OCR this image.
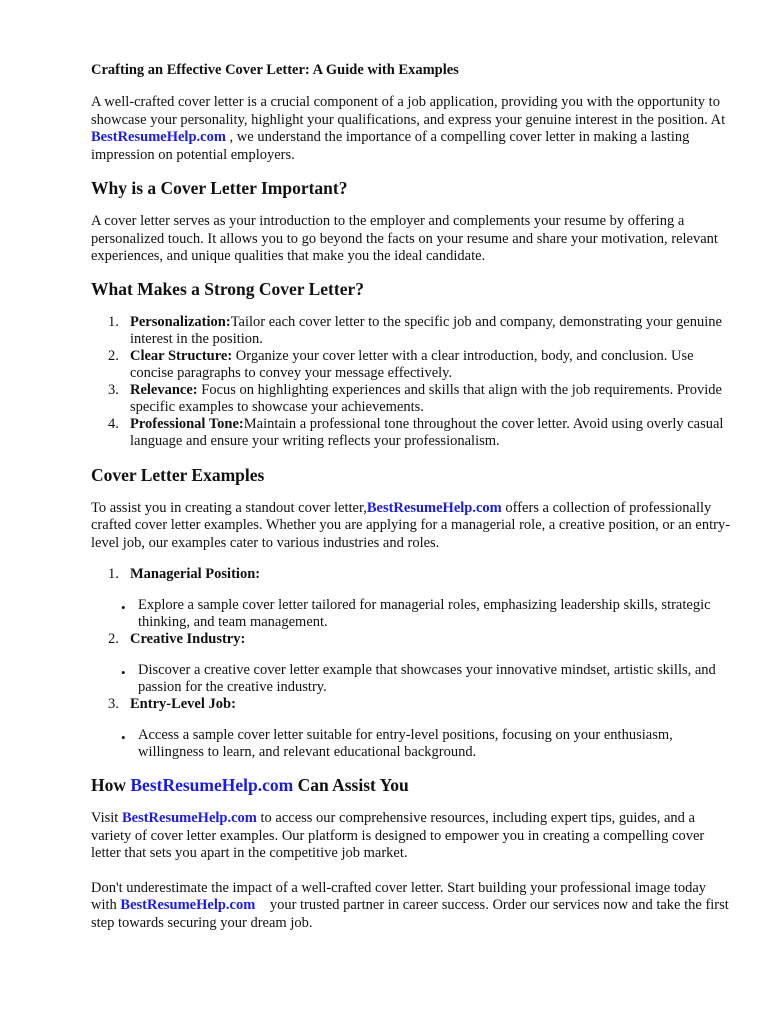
Crafting an Effective Cover Letter: A Guide with Examples

A well-crafted cover letter is a crucial component of a job application, providing you with the opportunity to showcase your personality, highlight your qualifications, and express your genuine interest in the position. At BestResumeHelp.com , we understand the importance of a compelling cover letter in making a lasting impression on potential employers.

Why is a Cover Letter Important?

A cover letter serves as your introduction to the employer and complements your resume by offering a personalized touch. It allows you to go beyond the facts on your resume and share your motivation, relevant experiences, and unique qualities that make you the ideal candidate.

What Makes a Strong Cover Letter?
1. Personalization:Tailor each cover letter to the specific job and company, demonstrating your genuine interest in the position.
2. Clear Structure: Organize your cover letter with a clear introduction, body, and conclusion. Use concise paragraphs to convey your message effectively.
3. Relevance: Focus on highlighting experiences and skills that align with the job requirements. Provide specific examples to showcase your achievements.
4. Professional Tone:Maintain a professional tone throughout the cover letter. Avoid using overly casual language and ensure your writing reflects your professionalism.
Cover Letter Examples

To assist you in creating a standout cover letter,BestResumeHelp.com offers a collection of professionally crafted cover letter examples. Whether you are applying for a managerial role, a creative position, or an entry-level job, our examples cater to various industries and roles.

1. Managerial Position:
• Explore a sample cover letter tailored for managerial roles, emphasizing leadership skills, strategic thinking, and team management.
2. Creative Industry:
• Discover a creative cover letter example that showcases your innovative mindset, artistic skills, and passion for the creative industry.
3. Entry-Level Job:
• Access a sample cover letter suitable for entry-level positions, focusing on your enthusiasm, willingness to learn, and relevant educational background.
How BestResumeHelp.com Can Assist You

Visit BestResumeHelp.com to access our comprehensive resources, including expert tips, guides, and a variety of cover letter examples. Our platform is designed to empower you in creating a compelling cover letter that sets you apart in the competitive job market.

Don't underestimate the impact of a well-crafted cover letter. Start building your professional image today with BestResumeHelp.com    your trusted partner in career success. Order our services now and take the first step towards securing your dream job.
